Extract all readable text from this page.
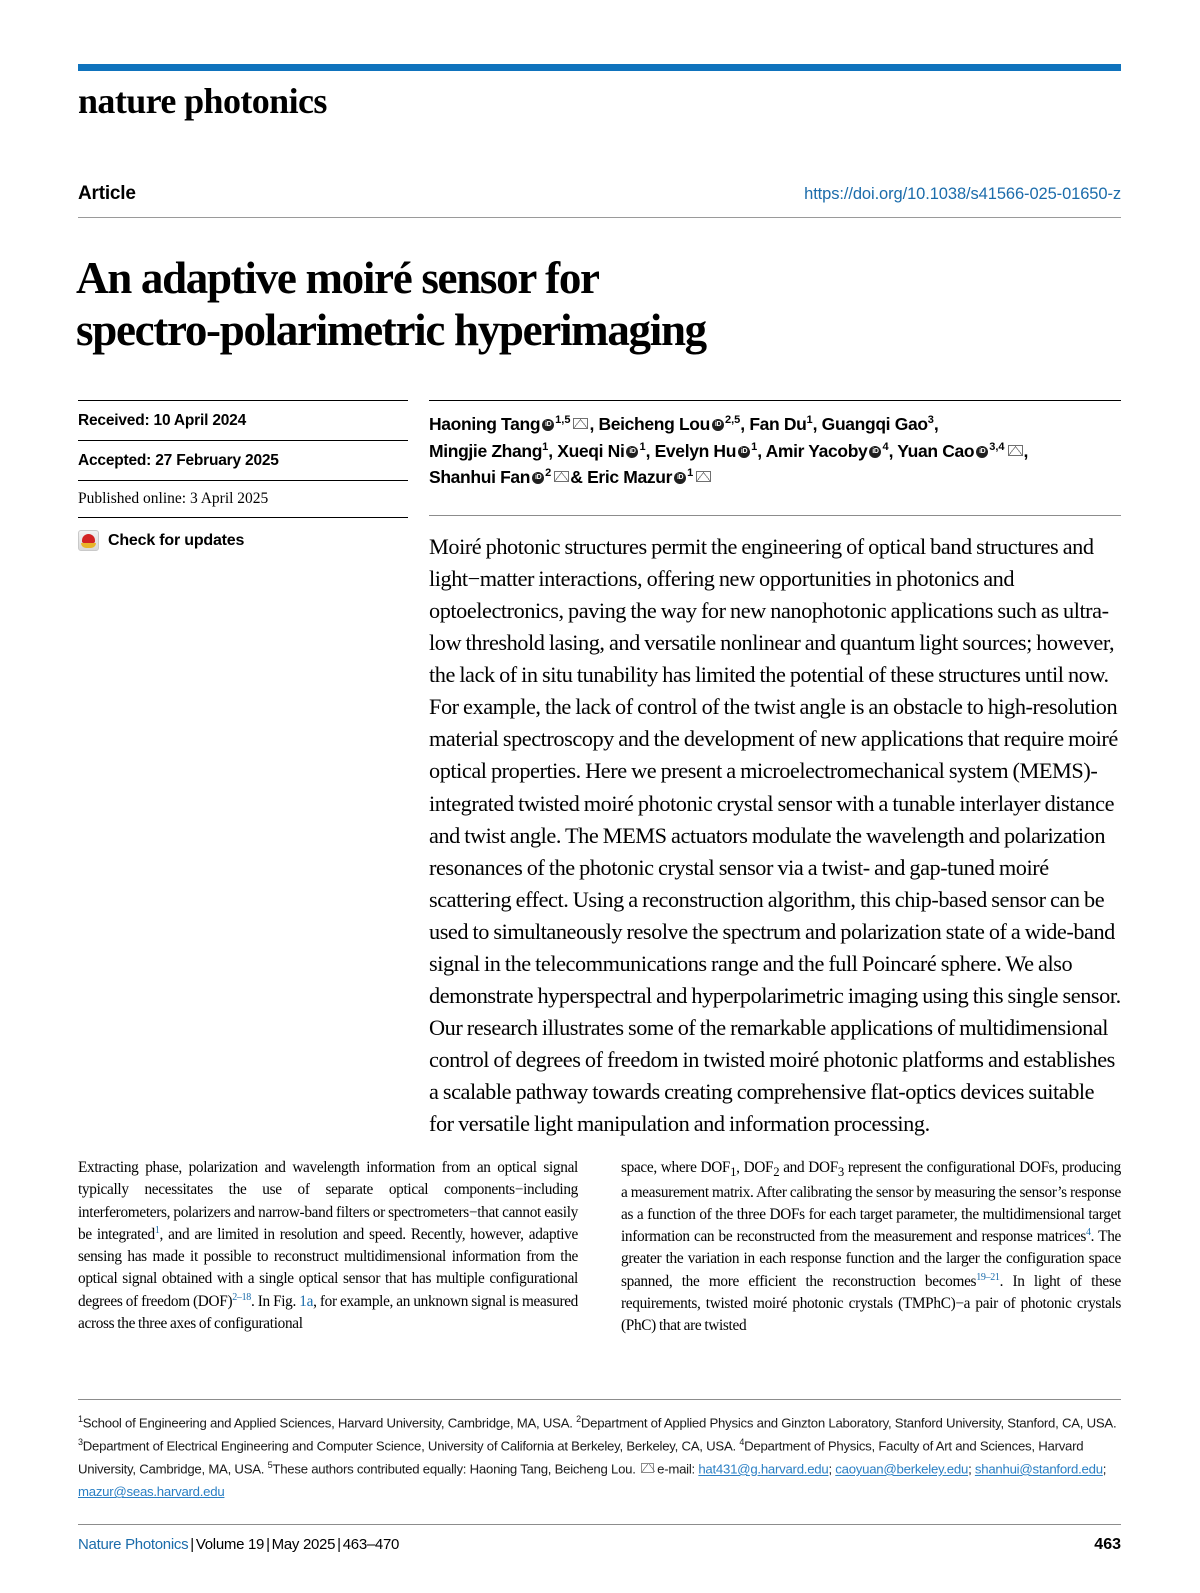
nature photonics
Article	https://doi.org/10.1038/s41566-025-01650-z
An adaptive moiré sensor for
spectro-polarimetric hyperimaging
Received: 10 April 2024
Accepted: 27 February 2025
Published online: 3 April 2025
Check for updates
Haoning Tang iD $^{1,5}$ , Beicheng Lou iD $^{2,5}$, Fan Du$^1$, Guangqi Gao$^3$,
Mingjie Zhang$^1$, Xueqi Ni iD $^1$, Evelyn Hu iD $^1$, Amir Yacoby iD $^4$, Yuan Cao iD $^{3,4}$ ,
Shanhui Fan iD $^2$ & Eric Mazur iD $^1$
Moiré photonic structures permit the engineering of optical band structures and light−matter interactions, offering new opportunities in photonics and optoelectronics, paving the way for new nanophotonic applications such as ultra-low threshold lasing, and versatile nonlinear and quantum light sources; however, the lack of in situ tunability has limited the potential of these structures until now. For example, the lack of control of the twist angle is an obstacle to high-resolution material spectroscopy and the development of new applications that require moiré optical properties. Here we present a microelectromechanical system (MEMS)-integrated twisted moiré photonic crystal sensor with a tunable interlayer distance and twist angle. The MEMS actuators modulate the wavelength and polarization resonances of the photonic crystal sensor via a twist- and gap-tuned moiré scattering effect. Using a reconstruction algorithm, this chip-based sensor can be used to simultaneously resolve the spectrum and polarization state of a wide-band signal in the telecommunications range and the full Poincaré sphere. We also demonstrate hyperspectral and hyperpolarimetric imaging using this single sensor. Our research illustrates some of the remarkable applications of multidimensional control of degrees of freedom in twisted moiré photonic platforms and establishes a scalable pathway towards creating comprehensive flat-optics devices suitable for versatile light manipulation and information processing.
Extracting phase, polarization and wavelength information from an optical signal typically necessitates the use of separate optical components−including interferometers, polarizers and narrow-band filters or spectrometers−that cannot easily be integrated$^1$, and are limited in resolution and speed. Recently, however, adaptive sensing has made it possible to reconstruct multidimensional information from the optical signal obtained with a single optical sensor that has multiple configurational degrees of freedom (DOF)$^{2-18}$. In Fig. 1a, for example, an unknown signal is measured across the three axes of configurational
space, where $DOF_1$, $DOF_2$ and $DOF_3$ represent the configurational DOFs, producing a measurement matrix. After calibrating the sensor by measuring the sensor’s response as a function of the three DOFs for each target parameter, the multidimensional target information can be reconstructed from the measurement and response matrices$^4$. The greater the variation in each response function and the larger the configuration space spanned, the more efficient the reconstruction becomes$^{19-21}$. In light of these requirements, twisted moiré photonic crystals (TMPhC)−a pair of photonic crystals (PhC) that are twisted
$^1$School of Engineering and Applied Sciences, Harvard University, Cambridge, MA, USA. $^2$Department of Applied Physics and Ginzton Laboratory, Stanford University, Stanford, CA, USA. $^3$Department of Electrical Engineering and Computer Science, University of California at Berkeley, Berkeley, CA, USA. $^4$Department of Physics, Faculty of Art and Sciences, Harvard University, Cambridge, MA, USA. $^5$These authors contributed equally: Haoning Tang, Beicheng Lou. e-mail: hat431@g.harvard.edu; caoyuan@berkeley.edu; shanhui@stanford.edu; mazur@seas.harvard.edu
Nature Photonics | Volume 19 | May 2025 | 463–470	463
